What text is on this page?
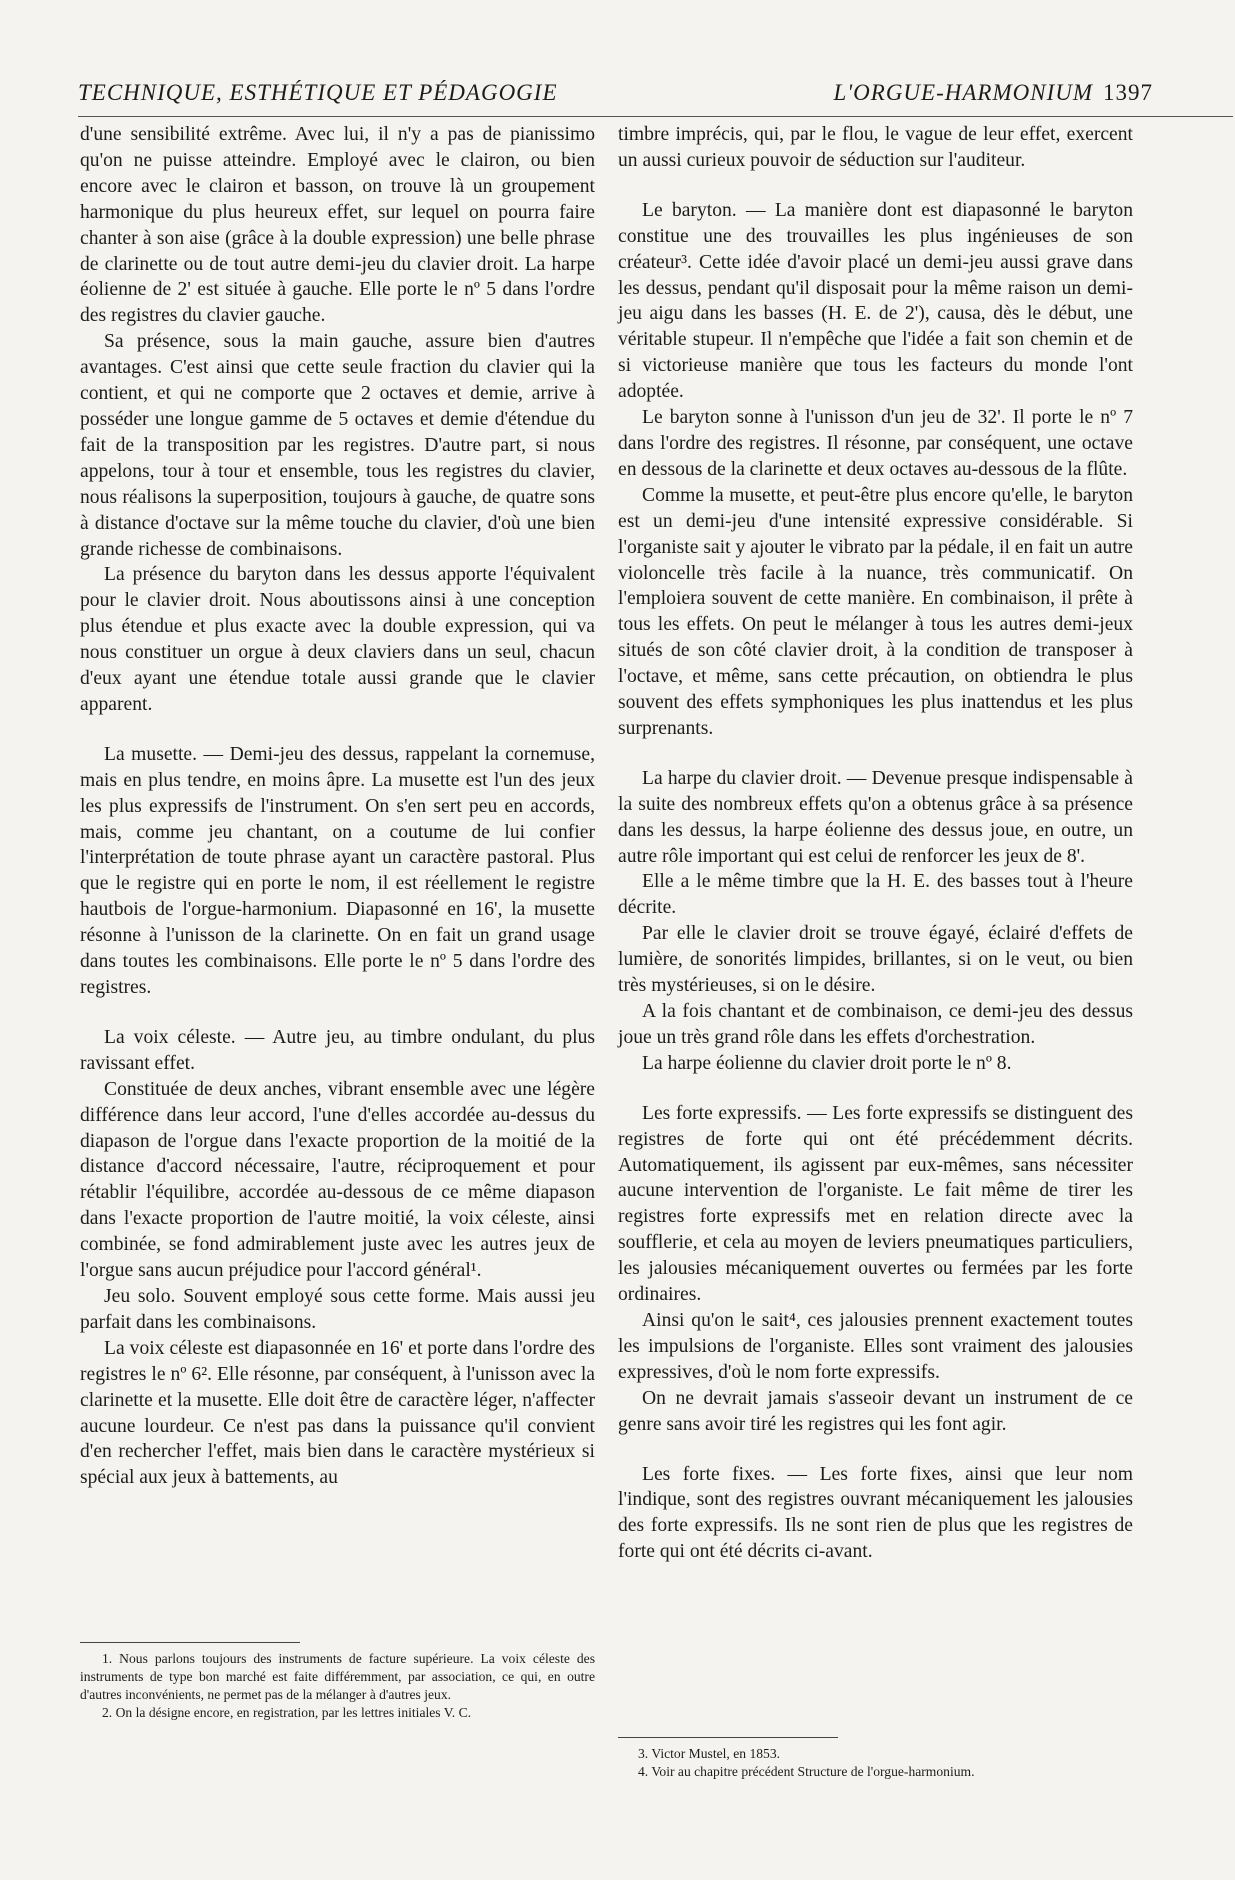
TECHNIQUE, ESTHÉTIQUE ET PÉDAGOGIE	L'ORGUE-HARMONIUM 1397

d'une sensibilité extrême. Avec lui, il n'y a pas de pianissimo qu'on ne puisse atteindre. Employé avec le clairon, ou bien encore avec le clairon et basson, on trouve là un groupement harmonique du plus heureux effet, sur lequel on pourra faire chanter à son aise (grâce à la double expression) une belle phrase de clarinette ou de tout autre demi-jeu du clavier droit. La harpe éolienne de 2' est située à gauche. Elle porte le nº 5 dans l'ordre des registres du clavier gauche.

Sa présence, sous la main gauche, assure bien d'autres avantages. C'est ainsi que cette seule fraction du clavier qui la contient, et qui ne comporte que 2 octaves et demie, arrive à posséder une longue gamme de 5 octaves et demie d'étendue du fait de la transposition par les registres. D'autre part, si nous appelons, tour à tour et ensemble, tous les registres du clavier, nous réalisons la superposition, toujours à gauche, de quatre sons à distance d'octave sur la même touche du clavier, d'où une bien grande richesse de combinaisons.

La présence du baryton dans les dessus apporte l'équivalent pour le clavier droit. Nous aboutissons ainsi à une conception plus étendue et plus exacte avec la double expression, qui va nous constituer un orgue à deux claviers dans un seul, chacun d'eux ayant une étendue totale aussi grande que le clavier apparent.

La musette. — Demi-jeu des dessus, rappelant la cornemuse, mais en plus tendre, en moins âpre. La musette est l'un des jeux les plus expressifs de l'instrument. On s'en sert peu en accords, mais, comme jeu chantant, on a coutume de lui confier l'interprétation de toute phrase ayant un caractère pastoral. Plus que le registre qui en porte le nom, il est réellement le registre hautbois de l'orgue-harmonium. Diapasonné en 16', la musette résonne à l'unisson de la clarinette. On en fait un grand usage dans toutes les combinaisons. Elle porte le nº 5 dans l'ordre des registres.

La voix céleste. — Autre jeu, au timbre ondulant, du plus ravissant effet.

Constituée de deux anches, vibrant ensemble avec une légère différence dans leur accord, l'une d'elles accordée au-dessus du diapason de l'orgue dans l'exacte proportion de la moitié de la distance d'accord nécessaire, l'autre, réciproquement et pour rétablir l'équilibre, accordée au-dessous de ce même diapason dans l'exacte proportion de l'autre moitié, la voix céleste, ainsi combinée, se fond admirablement juste avec les autres jeux de l'orgue sans aucun préjudice pour l'accord général¹.

Jeu solo. Souvent employé sous cette forme. Mais aussi jeu parfait dans les combinaisons.

La voix céleste est diapasonnée en 16' et porte dans l'ordre des registres le nº 6². Elle résonne, par conséquent, à l'unisson avec la clarinette et la musette. Elle doit être de caractère léger, n'affecter aucune lourdeur. Ce n'est pas dans la puissance qu'il convient d'en rechercher l'effet, mais bien dans le caractère mystérieux si spécial aux jeux à battements, au

1. Nous parlons toujours des instruments de facture supérieure. La voix céleste des instruments de type bon marché est faite différemment, par association, ce qui, en outre d'autres inconvénients, ne permet pas de la mélanger à d'autres jeux.

2. On la désigne encore, en registration, par les lettres initiales V. C.

timbre imprécis, qui, par le flou, le vague de leur effet, exercent un aussi curieux pouvoir de séduction sur l'auditeur.

Le baryton. — La manière dont est diapasonné le baryton constitue une des trouvailles les plus ingénieuses de son créateur³. Cette idée d'avoir placé un demi-jeu aussi grave dans les dessus, pendant qu'il disposait pour la même raison un demi-jeu aigu dans les basses (H. E. de 2'), causa, dès le début, une véritable stupeur. Il n'empêche que l'idée a fait son chemin et de si victorieuse manière que tous les facteurs du monde l'ont adoptée.

Le baryton sonne à l'unisson d'un jeu de 32'. Il porte le nº 7 dans l'ordre des registres. Il résonne, par conséquent, une octave en dessous de la clarinette et deux octaves au-dessous de la flûte.

Comme la musette, et peut-être plus encore qu'elle, le baryton est un demi-jeu d'une intensité expressive considérable. Si l'organiste sait y ajouter le vibrato par la pédale, il en fait un autre violoncelle très facile à la nuance, très communicatif. On l'emploiera souvent de cette manière. En combinaison, il prête à tous les effets. On peut le mélanger à tous les autres demi-jeux situés de son côté clavier droit, à la condition de transposer à l'octave, et même, sans cette précaution, on obtiendra le plus souvent des effets symphoniques les plus inattendus et les plus surprenants.

La harpe du clavier droit. — Devenue presque indispensable à la suite des nombreux effets qu'on a obtenus grâce à sa présence dans les dessus, la harpe éolienne des dessus joue, en outre, un autre rôle important qui est celui de renforcer les jeux de 8'.

Elle a le même timbre que la H. E. des basses tout à l'heure décrite.

Par elle le clavier droit se trouve égayé, éclairé d'effets de lumière, de sonorités limpides, brillantes, si on le veut, ou bien très mystérieuses, si on le désire.

A la fois chantant et de combinaison, ce demi-jeu des dessus joue un très grand rôle dans les effets d'orchestration.

La harpe éolienne du clavier droit porte le nº 8.

Les forte expressifs. — Les forte expressifs se distinguent des registres de forte qui ont été précédemment décrits. Automatiquement, ils agissent par eux-mêmes, sans nécessiter aucune intervention de l'organiste. Le fait même de tirer les registres forte expressifs met en relation directe avec la soufflerie, et cela au moyen de leviers pneumatiques particuliers, les jalousies mécaniquement ouvertes ou fermées par les forte ordinaires.

Ainsi qu'on le sait⁴, ces jalousies prennent exactement toutes les impulsions de l'organiste. Elles sont vraiment des jalousies expressives, d'où le nom forte expressifs.

On ne devrait jamais s'asseoir devant un instrument de ce genre sans avoir tiré les registres qui les font agir.

Les forte fixes. — Les forte fixes, ainsi que leur nom l'indique, sont des registres ouvrant mécaniquement les jalousies des forte expressifs. Ils ne sont rien de plus que les registres de forte qui ont été décrits ci-avant.

3. Victor Mustel, en 1853.

4. Voir au chapitre précédent Structure de l'orgue-harmonium.
